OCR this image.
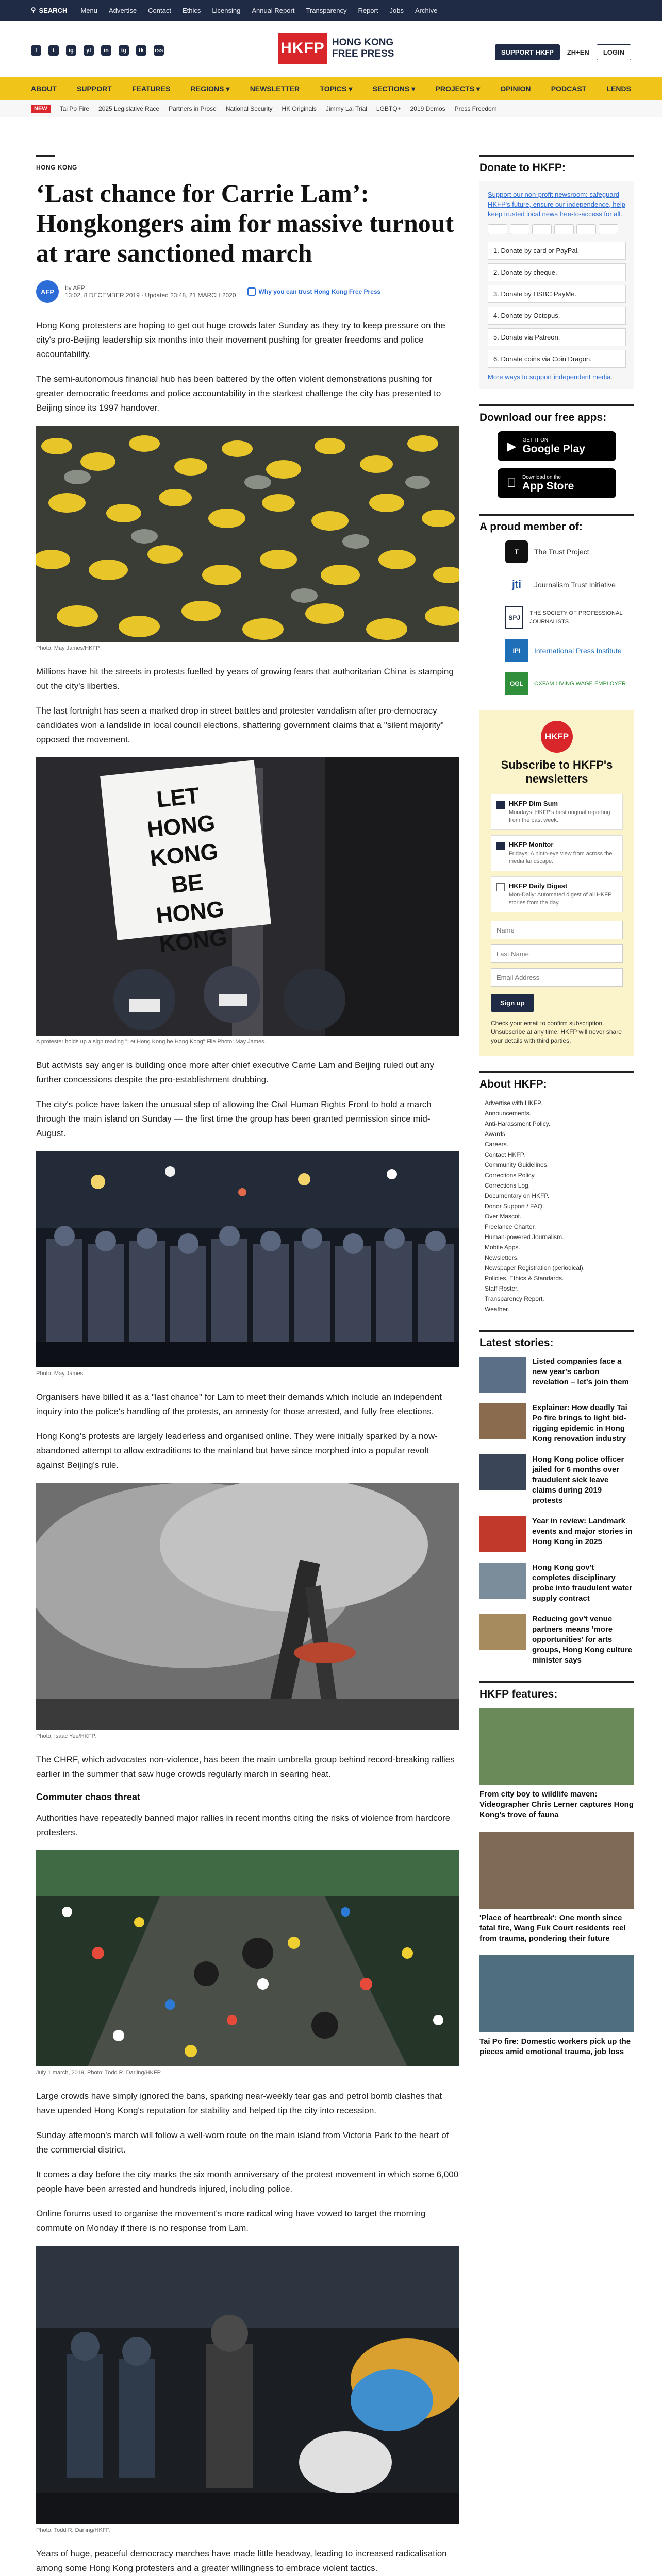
⚲ SEARCH Menu Advertise Contact Ethics Licensing Annual Report Transparency Report Jobs Archive
f	t	ig	yt	in	tg	tk	rss	HKFP HONG KONG
FREE PRESS	SUPPORT HKFP	ZH+EN	LOGIN
ABOUT	SUPPORT	FEATURES	REGIONS ▾	NEWSLETTER	TOPICS ▾	SECTIONS ▾	PROJECTS ▾	OPINION	PODCAST	LENDS
NEW	Tai Po Fire 2025 Legislative Race Partners in Prose National Security HK Originals Jimmy Lai Trial LGBTQ+ 2019 Demos Press Freedom
HONG KONG
‘Last chance for Carrie Lam’: Hongkongers aim for massive turnout at rare sanctioned march
AFP	by AFP
13:02, 8 DECEMBER 2019 · Updated 23:48, 21 MARCH 2020	Why you can trust Hong Kong Free Press

Hong Kong protesters are hoping to get out huge crowds later Sunday as they try to keep pressure on the city's pro-Beijing leadership six months into their movement pushing for greater freedoms and police accountability.

The semi-autonomous financial hub has been battered by the often violent demonstrations pushing for greater democratic freedoms and police accountability in the starkest challenge the city has presented to Beijing since its 1997 handover.

Photo: May James/HKFP.

Millions have hit the streets in protests fuelled by years of growing fears that authoritarian China is stamping out the city's liberties.

The last fortnight has seen a marked drop in street battles and protester vandalism after pro-democracy candidates won a landslide in local council elections, shattering government claims that a "silent majority" opposed the movement.

LET
HONG KONG
BE
HONG KONG
A protester holds up a sign reading "Let Hong Kong be Hong Kong" File Photo: May James.

But activists say anger is building once more after chief executive Carrie Lam and Beijing ruled out any further concessions despite the pro-establishment drubbing.

The city's police have taken the unusual step of allowing the Civil Human Rights Front to hold a march through the main island on Sunday — the first time the group has been granted permission since mid-August.

Photo: May James.

Organisers have billed it as a "last chance" for Lam to meet their demands which include an independent inquiry into the police's handling of the protests, an amnesty for those arrested, and fully free elections.

Hong Kong's protests are largely leaderless and organised online. They were initially sparked by a now-abandoned attempt to allow extraditions to the mainland but have since morphed into a popular revolt against Beijing's rule.

Photo: Isaac Yee/HKFP.

The CHRF, which advocates non-violence, has been the main umbrella group behind record-breaking rallies earlier in the summer that saw huge crowds regularly march in searing heat.

Commuter chaos threat

Authorities have repeatedly banned major rallies in recent months citing the risks of violence from hardcore protesters.

July 1 march, 2019. Photo: Todd R. Darling/HKFP.

Large crowds have simply ignored the bans, sparking near-weekly tear gas and petrol bomb clashes that have upended Hong Kong's reputation for stability and helped tip the city into recession.

Sunday afternoon's march will follow a well-worn route on the main island from Victoria Park to the heart of the commercial district.

It comes a day before the city marks the six month anniversary of the protest movement in which some 6,000 people have been arrested and hundreds injured, including police.

Online forums used to organise the movement's more radical wing have vowed to target the morning commute on Monday if there is no response from Lam.

Photo: Todd R. Darling/HKFP.

Years of huge, peaceful democracy marches have made little headway, leading to increased radicalisation among some Hong Kong protesters and a greater willingness to embrace violent tactics.

Donate to HKFP:
Support our non-profit newsroom: safeguard HKFP's future, ensure our independence, help keep trusted local news free-to-access for all.
1. Donate by card or PayPal.
2. Donate by cheque.
3. Donate by HSBC PayMe.
4. Donate by Octopus.
5. Donate via Patreon.
6. Donate coins via Coin Dragon.
More ways to support independent media.
Download our free apps:
▶ GET IT ON
Google Play
Download on the
App Store
A proud member of:
T	The Trust Project
jti	Journalism Trust Initiative
SPJ
THE SOCIETY OF PROFESSIONAL JOURNALISTS
IPI	International Press Institute
OGL	OXFAM LIVING WAGE EMPLOYER
HKFP
Subscribe to HKFP's newsletters
HKFP Dim Sum
Mondays: HKFP's best original reporting from the past week.
HKFP Monitor
Fridays: A ninth-eye view from across the media landscape.
HKFP Daily Digest
Mon-Daily: Automated digest of all HKFP stories from the day.
Name Last Name Email Address Sign up
Check your email to confirm subscription. Unsubscribe at any time. HKFP will never share your details with third parties.
About HKFP:
Advertise with HKFP.
Announcements.
Anti-Harassment Policy.
Awards.
Careers.
Contact HKFP.
Community Guidelines.
Corrections Policy.
Corrections Log.
Documentary on HKFP.
Donor Support / FAQ.
Over Mascot.
Freelance Charter.
Human-powered Journalism.
Mobile Apps.
Newsletters.
Newspaper Registration (periodical).
Policies, Ethics & Standards.
Staff Roster.
Transparency Report.
Weather.
Latest stories:
Listed companies face a new year's carbon revelation – let's join them
Explainer: How deadly Tai Po fire brings to light bid-rigging epidemic in Hong Kong renovation industry
Hong Kong police officer jailed for 6 months over fraudulent sick leave claims during 2019 protests
Year in review: Landmark events and major stories in Hong Kong in 2025
Hong Kong gov't completes disciplinary probe into fraudulent water supply contract
Reducing gov't venue partners means 'more opportunities' for arts groups, Hong Kong culture minister says
HKFP features:
From city boy to wildlife maven: Videographer Chris Lerner captures Hong Kong's trove of fauna
'Place of heartbreak': One month since fatal fire, Wang Fuk Court residents reel from trauma, pondering their future
Tai Po fire: Domestic workers pick up the pieces amid emotional trauma, job loss
